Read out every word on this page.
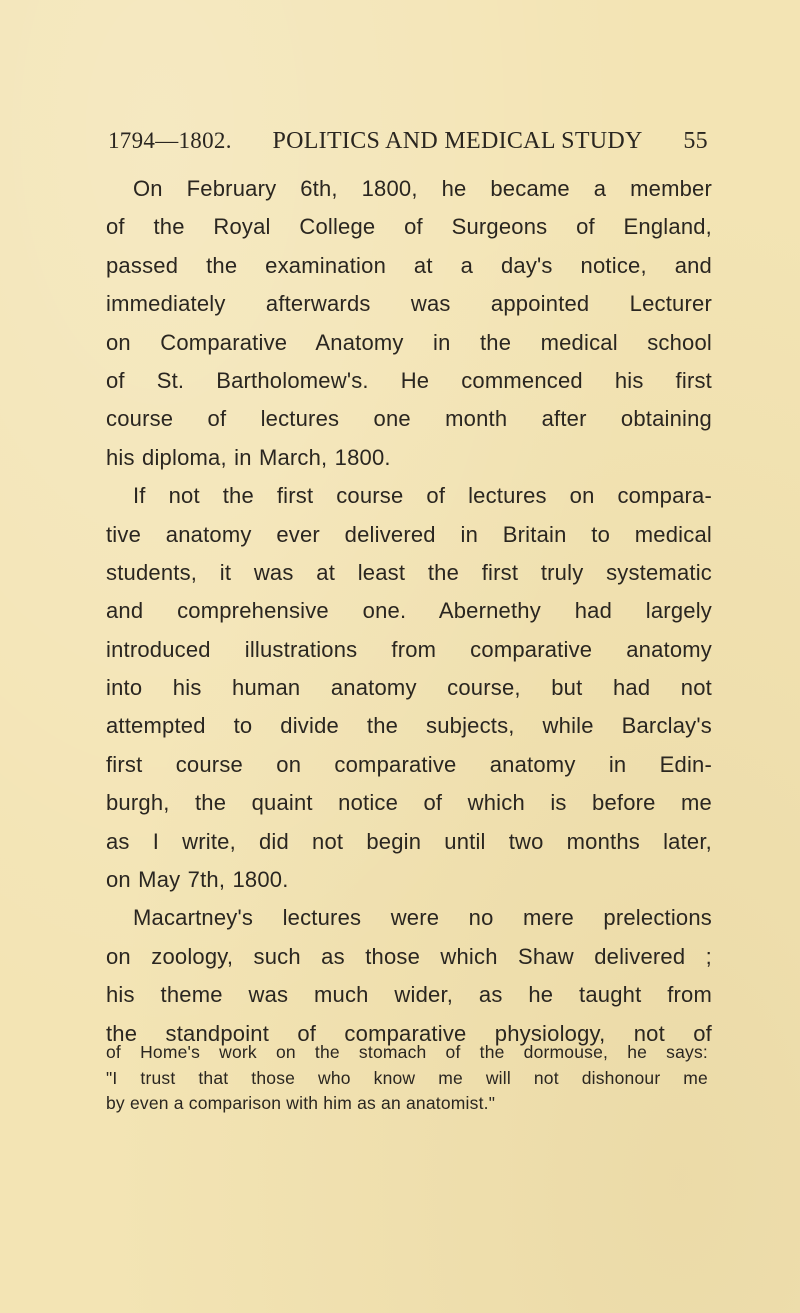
1794—1802. POLITICS AND MEDICAL STUDY 55
On February 6th, 1800, he became a member
of the Royal College of Surgeons of England,
passed the examination at a day's notice, and
immediately afterwards was appointed Lecturer
on Comparative Anatomy in the medical school
of St. Bartholomew's. He commenced his first
course of lectures one month after obtaining
his diploma, in March, 1800.
If not the first course of lectures on compara-
tive anatomy ever delivered in Britain to medical
students, it was at least the first truly systematic
and comprehensive one. Abernethy had largely
introduced illustrations from comparative anatomy
into his human anatomy course, but had not
attempted to divide the subjects, while Barclay's
first course on comparative anatomy in Edin-
burgh, the quaint notice of which is before me
as I write, did not begin until two months later,
on May 7th, 1800.
Macartney's lectures were no mere prelections
on zoology, such as those which Shaw delivered ;
his theme was much wider, as he taught from
the standpoint of comparative physiology, not of
of Home's work on the stomach of the dormouse, he says:
"I trust that those who know me will not dishonour me
by even a comparison with him as an anatomist."
